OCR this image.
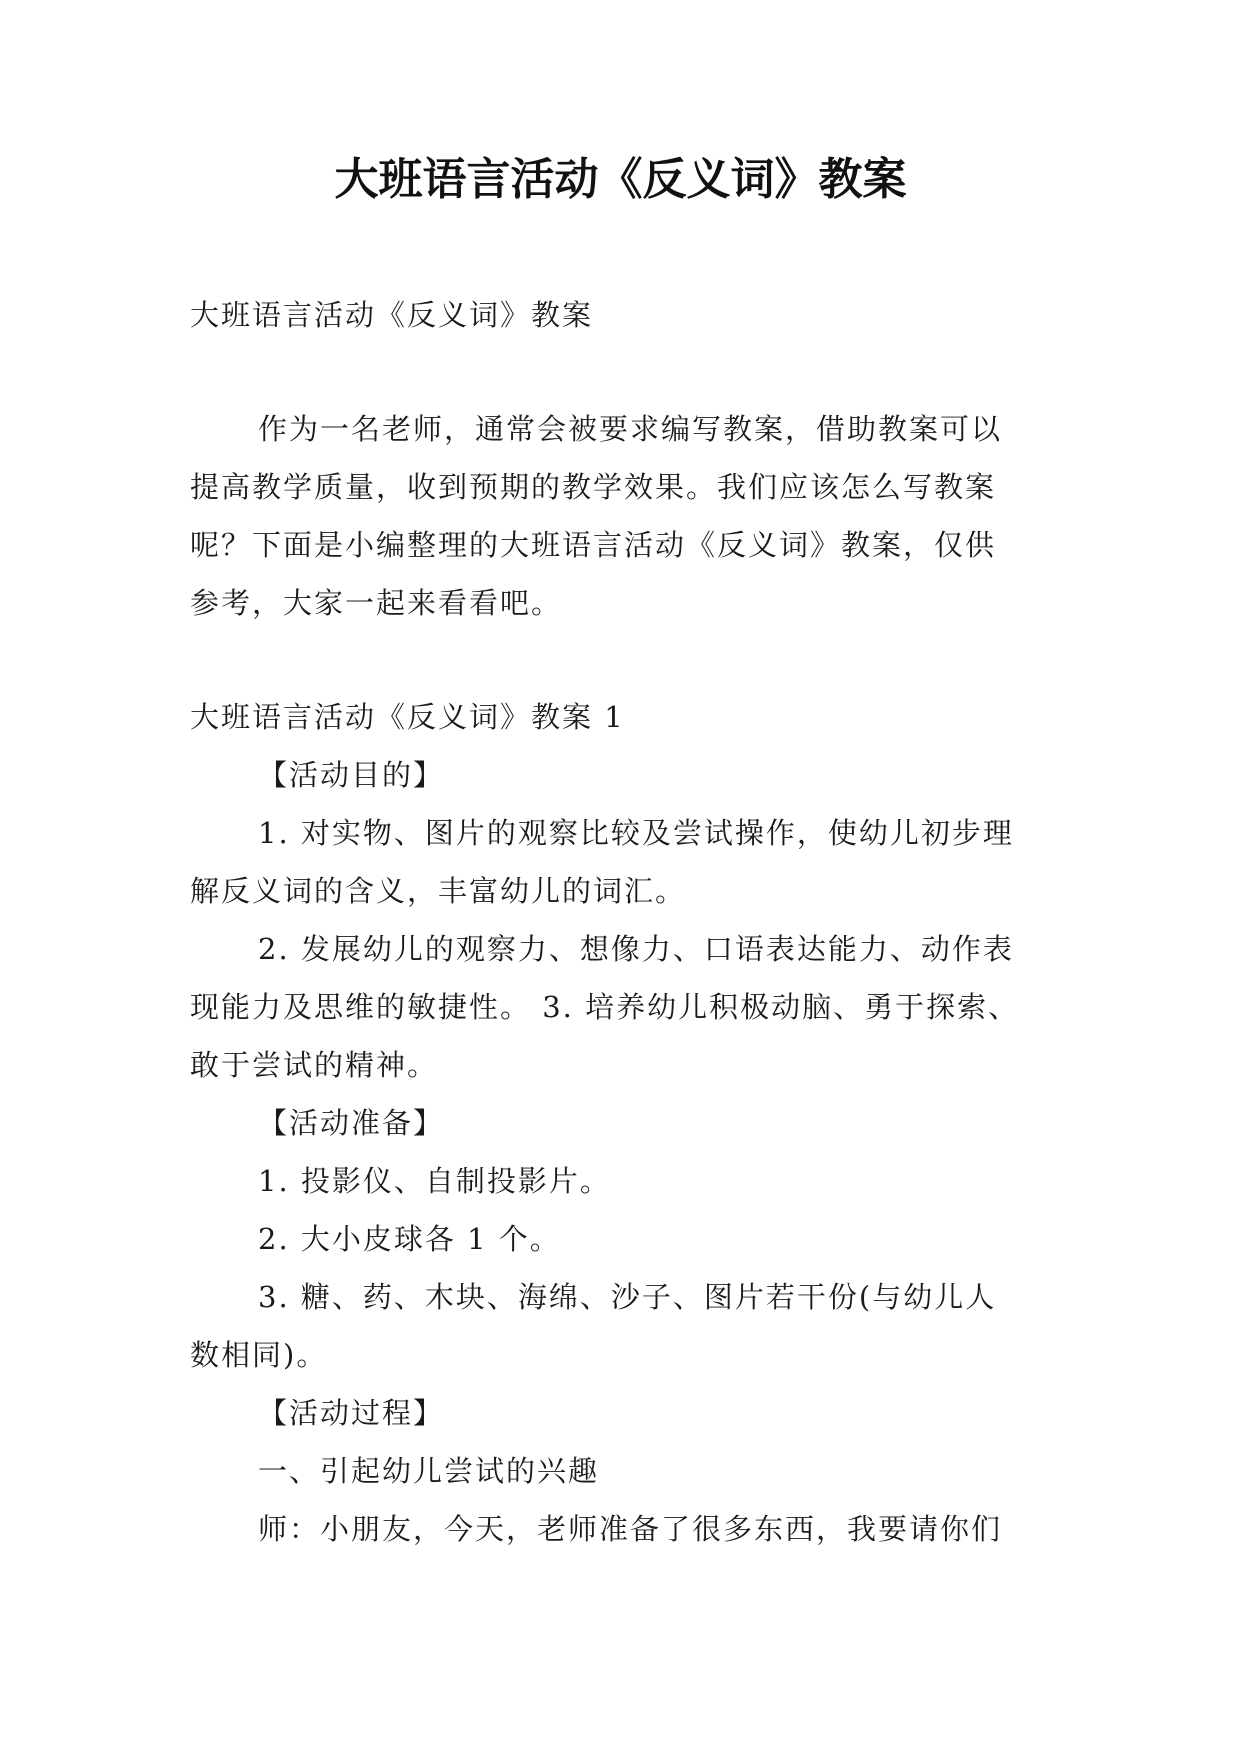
大班语言活动《反义词》教案

大班语言活动《反义词》教案

作为一名老师，通常会被要求编写教案，借助教案可以

提高教学质量，收到预期的教学效果。我们应该怎么写教案

呢？下面是小编整理的大班语言活动《反义词》教案，仅供

参考，大家一起来看看吧。

大班语言活动《反义词》教案 1

【活动目的】

1. 对实物、图片的观察比较及尝试操作，使幼儿初步理

解反义词的含义，丰富幼儿的词汇。

2. 发展幼儿的观察力、想像力、口语表达能力、动作表

现能力及思维的敏捷性。 3. 培养幼儿积极动脑、勇于探索、

敢于尝试的精神。

【活动准备】

1. 投影仪、自制投影片。

2. 大小皮球各 1 个。

3. 糖、药、木块、海绵、沙子、图片若干份(与幼儿人

数相同)。

【活动过程】

一、引起幼儿尝试的兴趣

师：小朋友，今天，老师准备了很多东西，我要请你们
